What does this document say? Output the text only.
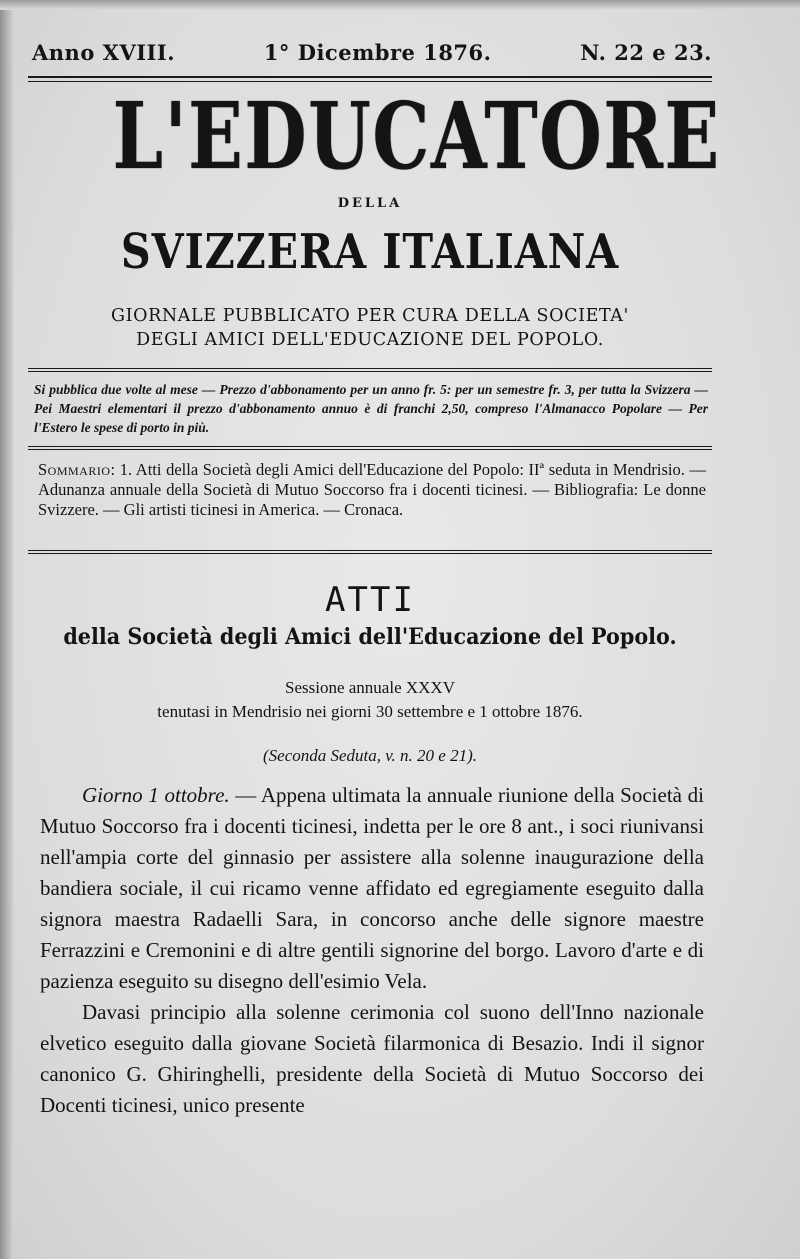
Anno XVIII.	1° Dicembre 1876.	N. 22 e 23.
L'EDUCATORE
DELLA
SVIZZERA ITALIANA
GIORNALE PUBBLICATO PER CURA DELLA SOCIETA'
DEGLI AMICI DELL'EDUCAZIONE DEL POPOLO.
Si pubblica due volte al mese — Prezzo d'abbonamento per un anno fr. 5: per un semestre fr. 3, per tutta la Svizzera — Pei Maestri elementari il prezzo d'abbonamento annuo è di franchi 2,50, compreso l'Almanacco Popolare — Per l'Estero le spese di porto in più.
Sommario: 1. Atti della Società degli Amici dell'Educazione del Popolo: IIª seduta in Mendrisio. — Adunanza annuale della Società di Mutuo Soccorso fra i docenti ticinesi. — Bibliografia: Le donne Svizzere. — Gli artisti ticinesi in America. — Cronaca.
ATTI
della Società degli Amici dell'Educazione del Popolo.
Sessione annuale XXXV
tenutasi in Mendrisio nei giorni 30 settembre e 1 ottobre 1876.
(Seconda Seduta, v. n. 20 e 21).

Giorno 1 ottobre. — Appena ultimata la annuale riunione della Società di Mutuo Soccorso fra i docenti ticinesi, indetta per le ore 8 ant., i soci riunivansi nell'ampia corte del ginnasio per assistere alla solenne inaugurazione della bandiera sociale, il cui ricamo venne affidato ed egregiamente eseguito dalla signora maestra Radaelli Sara, in concorso anche delle signore maestre Ferrazzini e Cremonini e di altre gentili signorine del borgo. Lavoro d'arte e di pazienza eseguito su disegno dell'esimio Vela.

Davasi principio alla solenne cerimonia col suono dell'Inno nazionale elvetico eseguito dalla giovane Società filarmonica di Besazio. Indi il signor canonico G. Ghiringhelli, presidente della Società di Mutuo Soccorso dei Docenti ticinesi, unico presente
